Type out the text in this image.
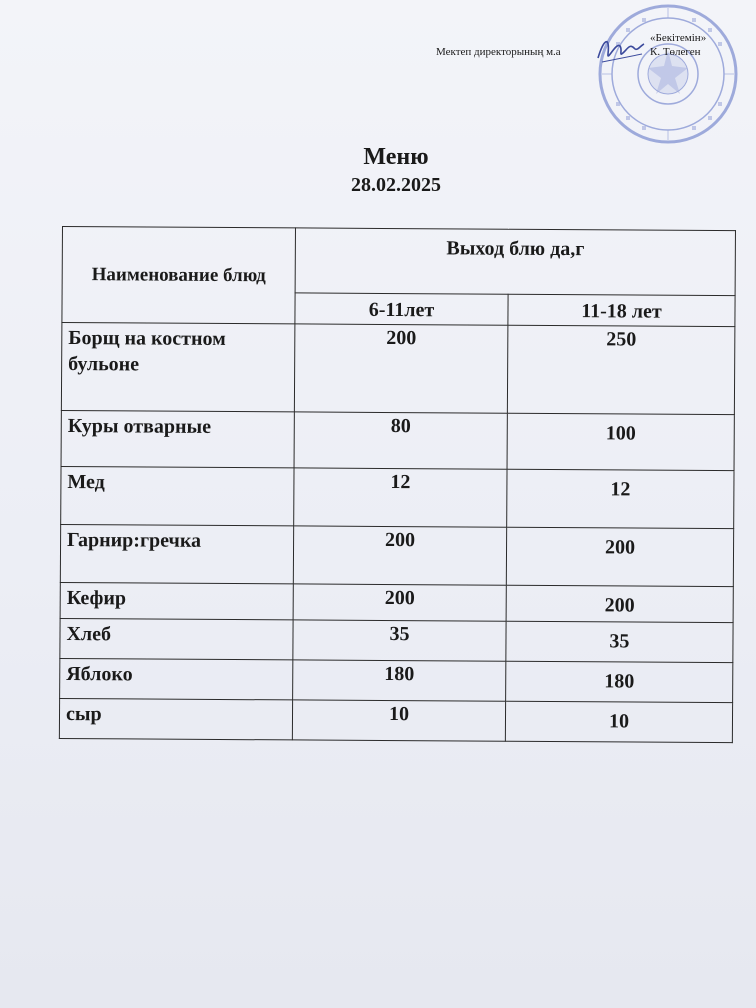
Мектеп директорының м.а
«Бекітемін»
К. Төлеген
Меню
28.02.2025
Наименование блюд	Выход блю да,г	
	6-11лет	11-18 лет
Борщ на костном бульоне	200	250
Куры отварные	80	100
Мед	12	12
Гарнир:гречка	200	200
Кефир	200	200
Хлеб	35	35
Яблоко	180	180
сыр	10	10
